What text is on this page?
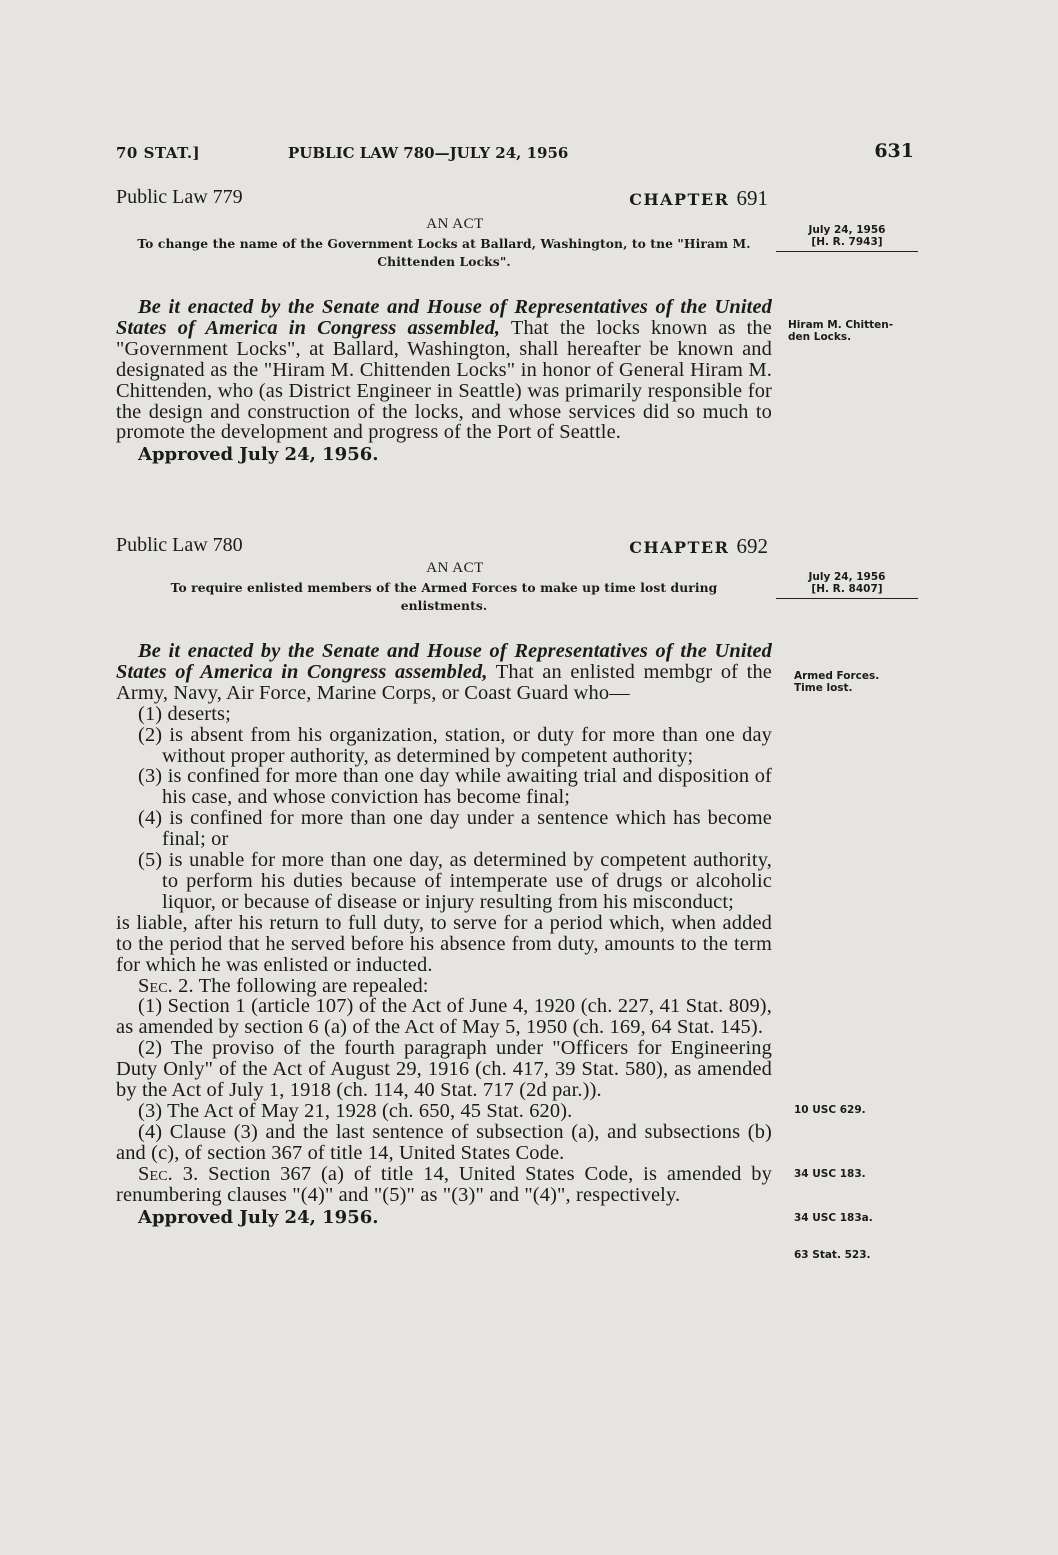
70 STAT.]	PUBLIC LAW 780—JULY 24, 1956	631
Public Law 779	CHAPTER 691
AN ACT
To change the name of the Government Locks at Ballard, Washington, to tne "Hiram M. Chittenden Locks".

Be it enacted by the Senate and House of Representatives of the United States of America in Congress assembled, That the locks known as the "Government Locks", at Ballard, Washington, shall hereafter be known and designated as the "Hiram M. Chittenden Locks" in honor of General Hiram M. Chittenden, who (as District Engineer in Seattle) was primarily responsible for the design and construction of the locks, and whose services did so much to promote the development and progress of the Port of Seattle.

Approved July 24, 1956.
July 24, 1956
[H. R. 7943]
Hiram M. Chitten-
den Locks.
Public Law 780	CHAPTER 692
AN ACT
To require enlisted members of the Armed Forces to make up time lost during enlistments.

Be it enacted by the Senate and House of Representatives of the United States of America in Congress assembled, That an enlisted membgr of the Army, Navy, Air Force, Marine Corps, or Coast Guard who—

(1) deserts;

(2) is absent from his organization, station, or duty for more than one day without proper authority, as determined by competent authority;

(3) is confined for more than one day while awaiting trial and disposition of his case, and whose conviction has become final;

(4) is confined for more than one day under a sentence which has become final; or

(5) is unable for more than one day, as determined by competent authority, to perform his duties because of intemperate use of drugs or alcoholic liquor, or because of disease or injury resulting from his misconduct;

is liable, after his return to full duty, to serve for a period which, when added to the period that he served before his absence from duty, amounts to the term for which he was enlisted or inducted.

Sec. 2. The following are repealed:

(1) Section 1 (article 107) of the Act of June 4, 1920 (ch. 227, 41 Stat. 809), as amended by section 6 (a) of the Act of May 5, 1950 (ch. 169, 64 Stat. 145).

(2) The proviso of the fourth paragraph under "Officers for Engineering Duty Only" of the Act of August 29, 1916 (ch. 417, 39 Stat. 580), as amended by the Act of July 1, 1918 (ch. 114, 40 Stat. 717 (2d par.)).

(3) The Act of May 21, 1928 (ch. 650, 45 Stat. 620).

(4) Clause (3) and the last sentence of subsection (a), and subsections (b) and (c), of section 367 of title 14, United States Code.

Sec. 3. Section 367 (a) of title 14, United States Code, is amended by renumbering clauses "(4)" and "(5)" as "(3)" and "(4)", respectively.

Approved July 24, 1956.
July 24, 1956
[H. R. 8407]
Armed Forces.
Time lost.
10 USC 629.
34 USC 183.
34 USC 183a.
63 Stat. 523.
